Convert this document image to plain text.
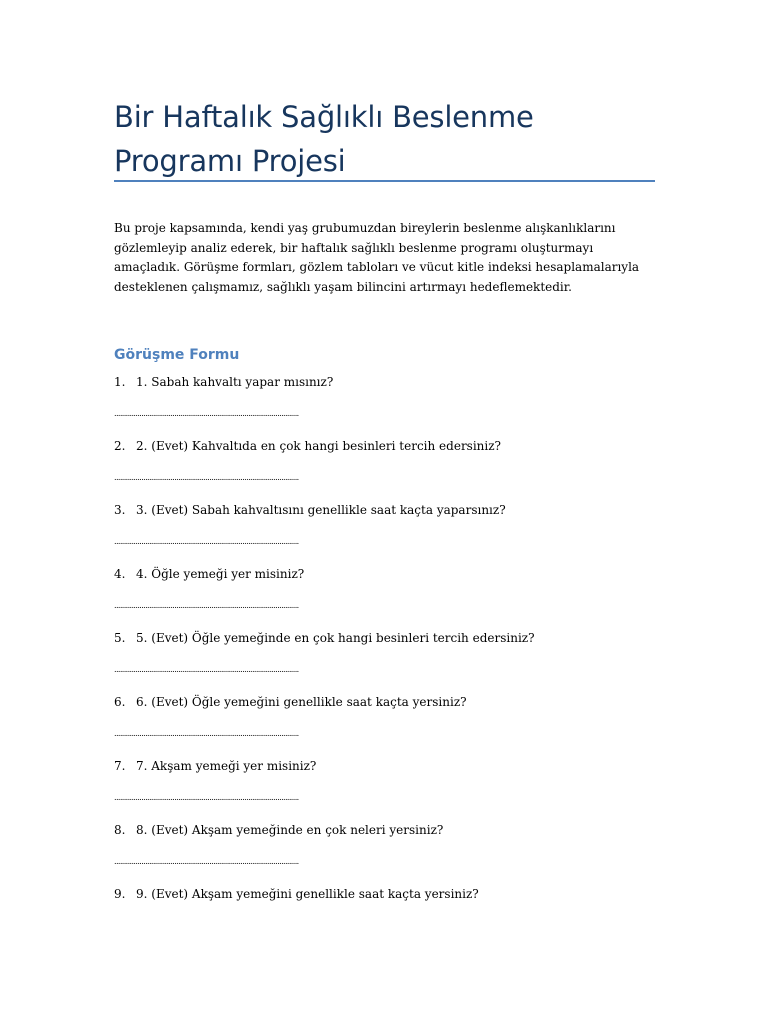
Bir Haftalık Sağlıklı Beslenme Programı Projesi

Bu proje kapsamında, kendi yaş grubumuzdan bireylerin beslenme alışkanlıklarını gözlemleyip analiz ederek, bir haftalık sağlıklı beslenme programı oluşturmayı amaçladık. Görüşme formları, gözlem tabloları ve vücut kitle indeksi hesaplamalarıyla desteklenen çalışmamız, sağlıklı yaşam bilincini artırmayı hedeflemektedir.

Görüşme Formu
1. 1. Sabah kahvaltı yapar mısınız?
...............................................................................................
2. 2. (Evet) Kahvaltıda en çok hangi besinleri tercih edersiniz?
...............................................................................................
3. 3. (Evet) Sabah kahvaltısını genellikle saat kaçta yaparsınız?
...............................................................................................
4. 4. Öğle yemeği yer misiniz?
...............................................................................................
5. 5. (Evet) Öğle yemeğinde en çok hangi besinleri tercih edersiniz?
...............................................................................................
6. 6. (Evet) Öğle yemeğini genellikle saat kaçta yersiniz?
...............................................................................................
7. 7. Akşam yemeği yer misiniz?
...............................................................................................
8. 8. (Evet) Akşam yemeğinde en çok neleri yersiniz?
...............................................................................................
9. 9. (Evet) Akşam yemeğini genellikle saat kaçta yersiniz?
